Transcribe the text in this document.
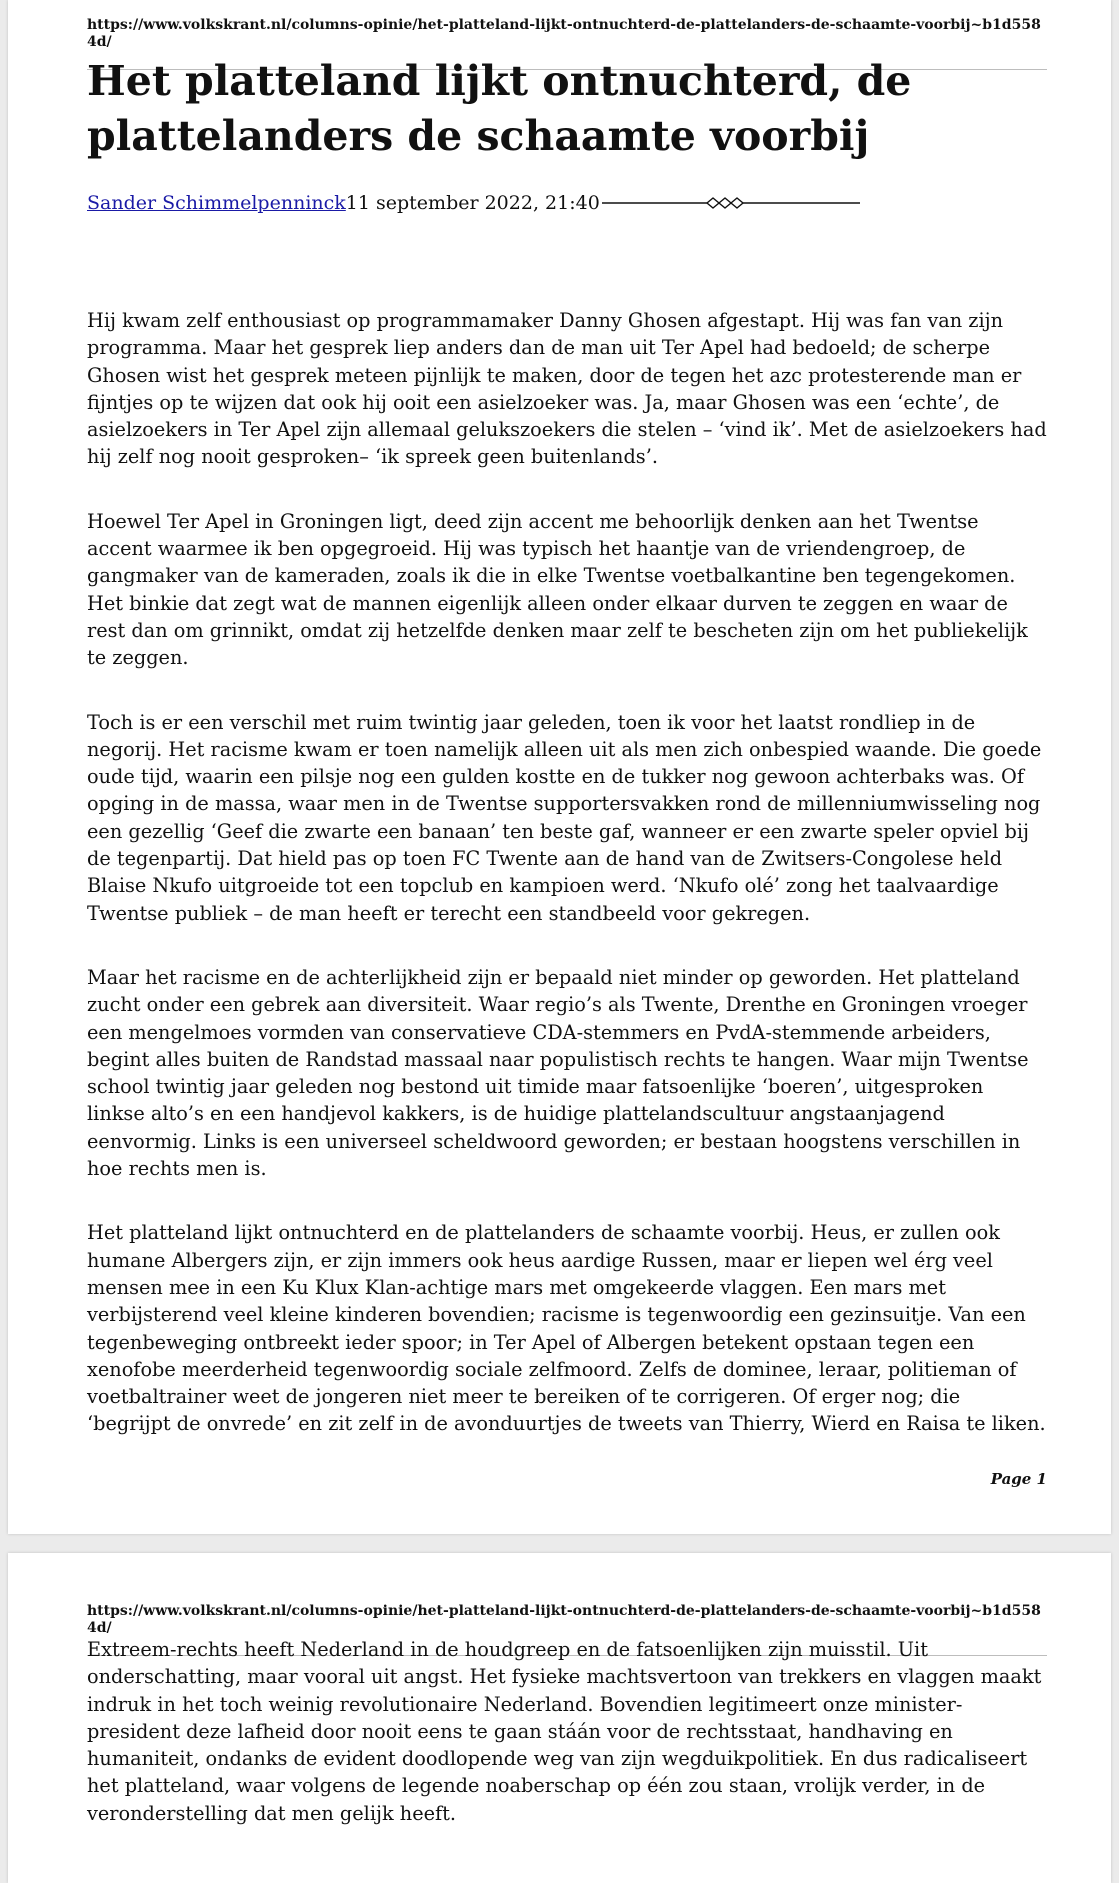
https://www.volkskrant.nl/columns-opinie/het-platteland-lijkt-ontnuchterd-de-plattelanders-de-schaamte-voorbij~b1d5584d/
Het platteland lijkt ontnuchterd, de plattelanders de schaamte voorbij
Sander Schimmelpenninck 11 september 2022, 21:40

Hij kwam zelf enthousiast op programmamaker Danny Ghosen afgestapt. Hij was fan van zijn programma. Maar het gesprek liep anders dan de man uit Ter Apel had bedoeld; de scherpe Ghosen wist het gesprek meteen pijnlijk te maken, door de tegen het azc protesterende man er fijntjes op te wijzen dat ook hij ooit een asielzoeker was. Ja, maar Ghosen was een ‘echte’, de asielzoekers in Ter Apel zijn allemaal gelukszoekers die stelen – ‘vind ik’. Met de asielzoekers had hij zelf nog nooit gesproken– ‘ik spreek geen buitenlands’.

Hoewel Ter Apel in Groningen ligt, deed zijn accent me behoorlijk denken aan het Twentse accent waarmee ik ben opgegroeid. Hij was typisch het haantje van de vriendengroep, de gangmaker van de kameraden, zoals ik die in elke Twentse voetbalkantine ben tegengekomen. Het binkie dat zegt wat de mannen eigenlijk alleen onder elkaar durven te zeggen en waar de rest dan om grinnikt, omdat zij hetzelfde denken maar zelf te bescheten zijn om het publiekelijk te zeggen.

Toch is er een verschil met ruim twintig jaar geleden, toen ik voor het laatst rondliep in de negorij. Het racisme kwam er toen namelijk alleen uit als men zich onbespied waande. Die goede oude tijd, waarin een pilsje nog een gulden kostte en de tukker nog gewoon achterbaks was. Of opging in de massa, waar men in de Twentse supportersvakken rond de millenniumwisseling nog een gezellig ‘Geef die zwarte een banaan’ ten beste gaf, wanneer er een zwarte speler opviel bij de tegenpartij. Dat hield pas op toen FC Twente aan de hand van de Zwitsers-Congolese held Blaise Nkufo uitgroeide tot een topclub en kampioen werd. ‘Nkufo olé’ zong het taalvaardige Twentse publiek – de man heeft er terecht een standbeeld voor gekregen.

Maar het racisme en de achterlijkheid zijn er bepaald niet minder op geworden. Het platteland zucht onder een gebrek aan diversiteit. Waar regio’s als Twente, Drenthe en Groningen vroeger een mengelmoes vormden van conservatieve CDA-stemmers en PvdA-stemmende arbeiders, begint alles buiten de Randstad massaal naar populistisch rechts te hangen. Waar mijn Twentse school twintig jaar geleden nog bestond uit timide maar fatsoenlijke ‘boeren’, uitgesproken linkse alto’s en een handjevol kakkers, is de huidige plattelandscultuur angstaanjagend eenvormig. Links is een universeel scheldwoord geworden; er bestaan hoogstens verschillen in hoe rechts men is.

Het platteland lijkt ontnuchterd en de plattelanders de schaamte voorbij. Heus, er zullen ook humane Albergers zijn, er zijn immers ook heus aardige Russen, maar er liepen wel érg veel mensen mee in een Ku Klux Klan-achtige mars met omgekeerde vlaggen. Een mars met verbijsterend veel kleine kinderen bovendien; racisme is tegenwoordig een gezinsuitje. Van een tegenbeweging ontbreekt ieder spoor; in Ter Apel of Albergen betekent opstaan tegen een xenofobe meerderheid tegenwoordig sociale zelfmoord. Zelfs de dominee, leraar, politieman of voetbaltrainer weet de jongeren niet meer te bereiken of te corrigeren. Of erger nog; die ‘begrijpt de onvrede’ en zit zelf in de avonduurtjes de tweets van Thierry, Wierd en Raisa te liken.

Page 1
https://www.volkskrant.nl/columns-opinie/het-platteland-lijkt-ontnuchterd-de-plattelanders-de-schaamte-voorbij~b1d5584d/

Extreem-rechts heeft Nederland in de houdgreep en de fatsoenlijken zijn muisstil. Uit onderschatting, maar vooral uit angst. Het fysieke machtsvertoon van trekkers en vlaggen maakt indruk in het toch weinig revolutionaire Nederland. Bovendien legitimeert onze minister-president deze lafheid door nooit eens te gaan stáán voor de rechtsstaat, handhaving en humaniteit, ondanks de evident doodlopende weg van zijn wegduikpolitiek. En dus radicaliseert het platteland, waar volgens de legende noaberschap op één zou staan, vrolijk verder, in de veronderstelling dat men gelijk heeft.
